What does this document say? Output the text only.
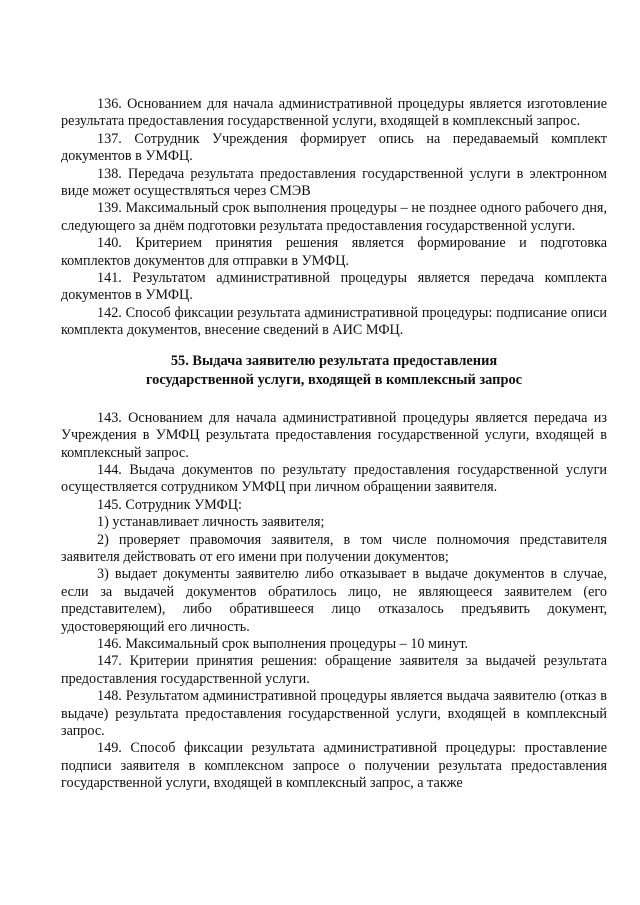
136. Основанием для начала административной процедуры является изготовление результата предоставления государственной услуги, входящей в комплексный запрос.

137. Сотрудник Учреждения формирует опись на передаваемый комплект документов в УМФЦ.

138. Передача результата предоставления государственной услуги в электронном виде может осуществляться через СМЭВ

139. Максимальный срок выполнения процедуры – не позднее одного рабочего дня, следующего за днём подготовки результата предоставления государственной услуги.

140. Критерием принятия решения является формирование и подготовка комплектов документов для отправки в УМФЦ.

141. Результатом административной процедуры является передача комплекта документов в УМФЦ.

142. Способ фиксации результата административной процедуры: подписание описи комплекта документов, внесение сведений в АИС МФЦ.

55. Выдача заявителю результата предоставления
государственной услуги, входящей в комплексный запрос

143. Основанием для начала административной процедуры является передача из Учреждения в УМФЦ результата предоставления государственной услуги, входящей в комплексный запрос.

144. Выдача документов по результату предоставления государственной услуги осуществляется сотрудником УМФЦ при личном обращении заявителя.

145. Сотрудник УМФЦ:

1) устанавливает личность заявителя;

2) проверяет правомочия заявителя, в том числе полномочия представителя заявителя действовать от его имени при получении документов;

3) выдает документы заявителю либо отказывает в выдаче документов в случае, если за выдачей документов обратилось лицо, не являющееся заявителем (его представителем), либо обратившееся лицо отказалось предъявить документ, удостоверяющий его личность.

146. Максимальный срок выполнения процедуры – 10 минут.

147. Критерии принятия решения: обращение заявителя за выдачей результата предоставления государственной услуги.

148. Результатом административной процедуры является выдача заявителю (отказ в выдаче) результата предоставления государственной услуги, входящей в комплексный запрос.

149. Способ фиксации результата административной процедуры: проставление подписи заявителя в комплексном запросе о получении результата предоставления государственной услуги, входящей в комплексный запрос, а также
